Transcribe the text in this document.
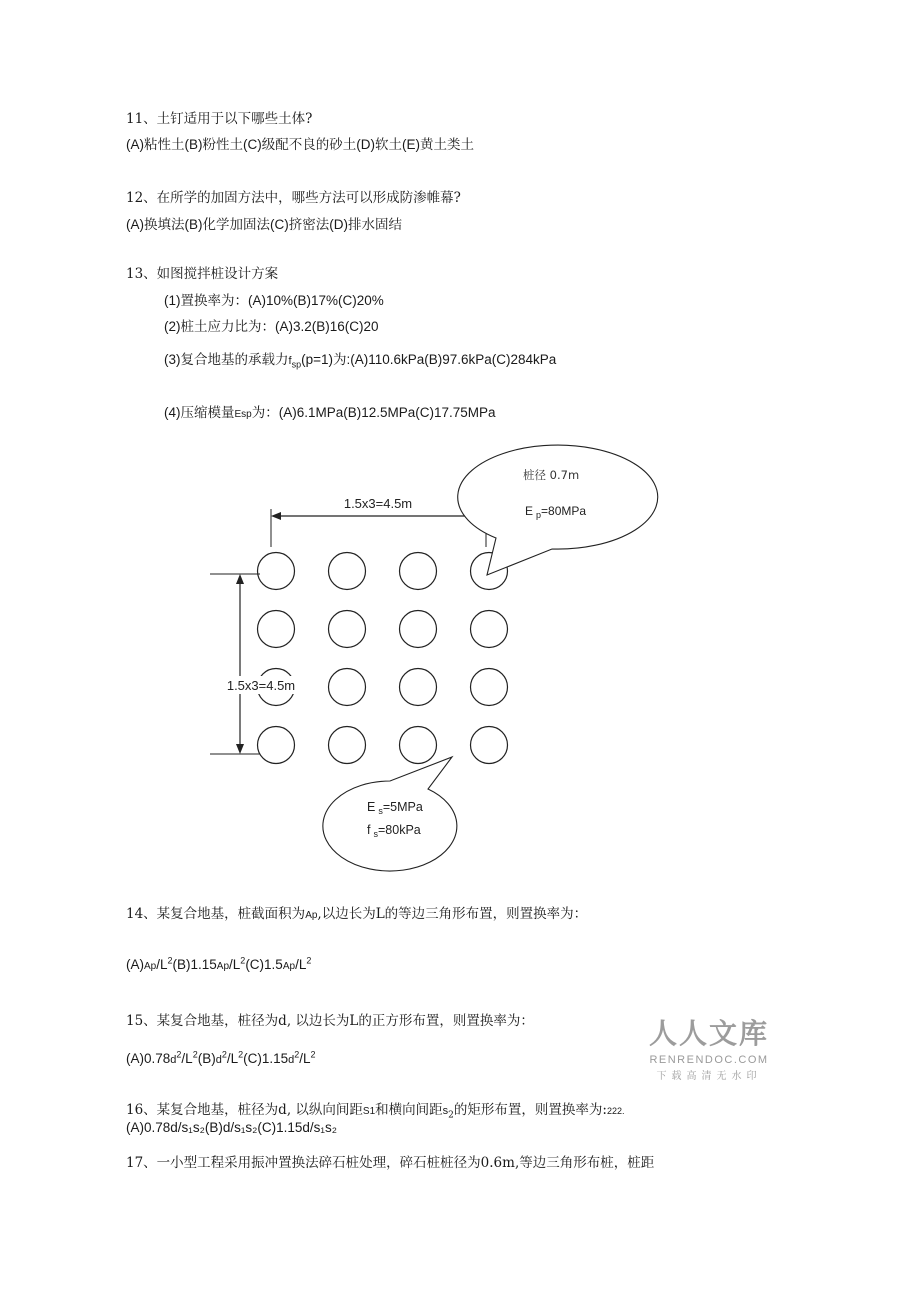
11、土钉适用于以下哪些土体?
(A)粘性土(B)粉性土(C)级配不良的砂土(D)软土(E)黄土类土
12、在所学的加固方法中，哪些方法可以形成防渗帷幕?
(A)换填法(B)化学加固法(C)挤密法(D)排水固结
13、如图搅拌桩设计方案
(1)置换率为：(A)10%(B)17%(C)20%
(2)桩土应力比为：(A)3.2(B)16(C)20
(3)复合地基的承载力$f_{sp}(p=1)$为:(A)110.6kPa(B)97.6kPa(C)284kPa
(4)压缩模量Esp为：(A)6.1MPa(B)12.5MPa(C)17.75MPa
1.5x3=4.5m
1.5x3=4.5m
桩径 0.7m
E $_p$=80MPa
E $_s$=5MPa
f $_s$=80kPa
14、某复合地基，桩截面积为Ap,以边长为L的等边三角形布置，则置换率为：
$(A)Ap/L^2(B)1.15Ap/L^2(C)1.5Ap/L^2$
15、某复合地基，桩径为d, 以边长为L的正方形布置，则置换率为：
$(A)0.78d^2/L^2(B)d^2/L^2(C)1.15d^2/L^2$
16、某复合地基，桩径为d, 以纵向间距S1和横向间距$s_2$的矩形布置，则置换率为:222.
(A)0.78d/s₁s₂(B)d/s₁s₂(C)1.15d/s₁s₂
17、一小型工程采用振冲置换法碎石桩处理，碎石桩桩径为0.6m,等边三角形布桩，桩距
人人文库
RENRENDOC.COM
下载高清无水印
